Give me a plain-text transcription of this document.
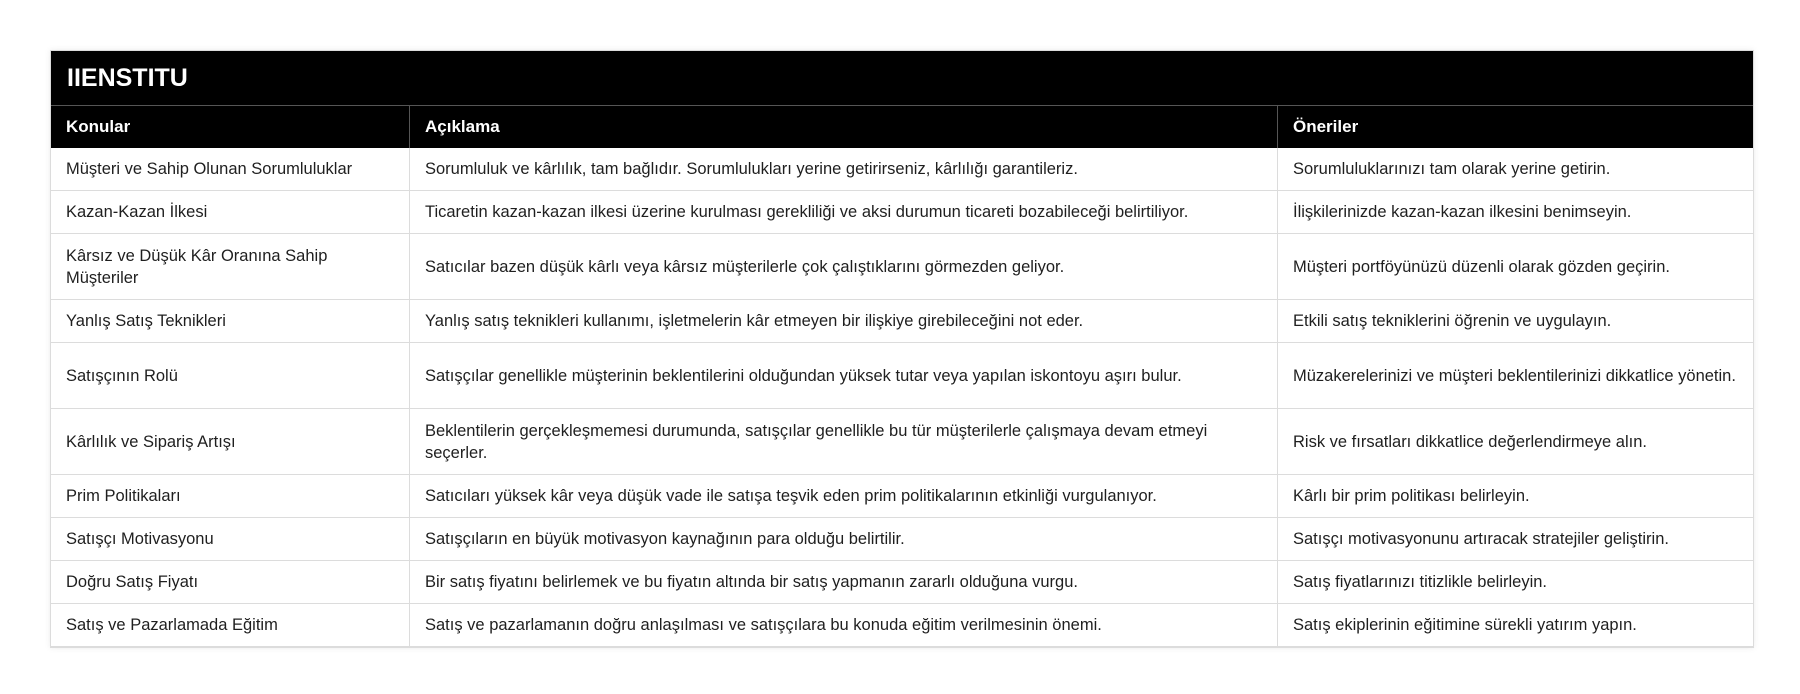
IIENSTITU
Konular	Açıklama	Öneriler
Müşteri ve Sahip Olunan Sorumluluklar	Sorumluluk ve kârlılık, tam bağlıdır. Sorumlulukları yerine getirirseniz, kârlılığı garantileriz.	Sorumluluklarınızı tam olarak yerine getirin.
Kazan-Kazan İlkesi	Ticaretin kazan-kazan ilkesi üzerine kurulması gerekliliği ve aksi durumun ticareti bozabileceği belirtiliyor.	İlişkilerinizde kazan-kazan ilkesini benimseyin.
Kârsız ve Düşük Kâr Oranına Sahip Müşteriler	Satıcılar bazen düşük kârlı veya kârsız müşterilerle çok çalıştıklarını görmezden geliyor.	Müşteri portföyünüzü düzenli olarak gözden geçirin.
Yanlış Satış Teknikleri	Yanlış satış teknikleri kullanımı, işletmelerin kâr etmeyen bir ilişkiye girebileceğini not eder.	Etkili satış tekniklerini öğrenin ve uygulayın.
Satışçının Rolü	Satışçılar genellikle müşterinin beklentilerini olduğundan yüksek tutar veya yapılan iskontoyu aşırı bulur.	Müzakerelerinizi ve müşteri beklentilerinizi dikkatlice yönetin.
Kârlılık ve Sipariş Artışı	Beklentilerin gerçekleşmemesi durumunda, satışçılar genellikle bu tür müşterilerle çalışmaya devam etmeyi seçerler.	Risk ve fırsatları dikkatlice değerlendirmeye alın.
Prim Politikaları	Satıcıları yüksek kâr veya düşük vade ile satışa teşvik eden prim politikalarının etkinliği vurgulanıyor.	Kârlı bir prim politikası belirleyin.
Satışçı Motivasyonu	Satışçıların en büyük motivasyon kaynağının para olduğu belirtilir.	Satışçı motivasyonunu artıracak stratejiler geliştirin.
Doğru Satış Fiyatı	Bir satış fiyatını belirlemek ve bu fiyatın altında bir satış yapmanın zararlı olduğuna vurgu.	Satış fiyatlarınızı titizlikle belirleyin.
Satış ve Pazarlamada Eğitim	Satış ve pazarlamanın doğru anlaşılması ve satışçılara bu konuda eğitim verilmesinin önemi.	Satış ekiplerinin eğitimine sürekli yatırım yapın.
